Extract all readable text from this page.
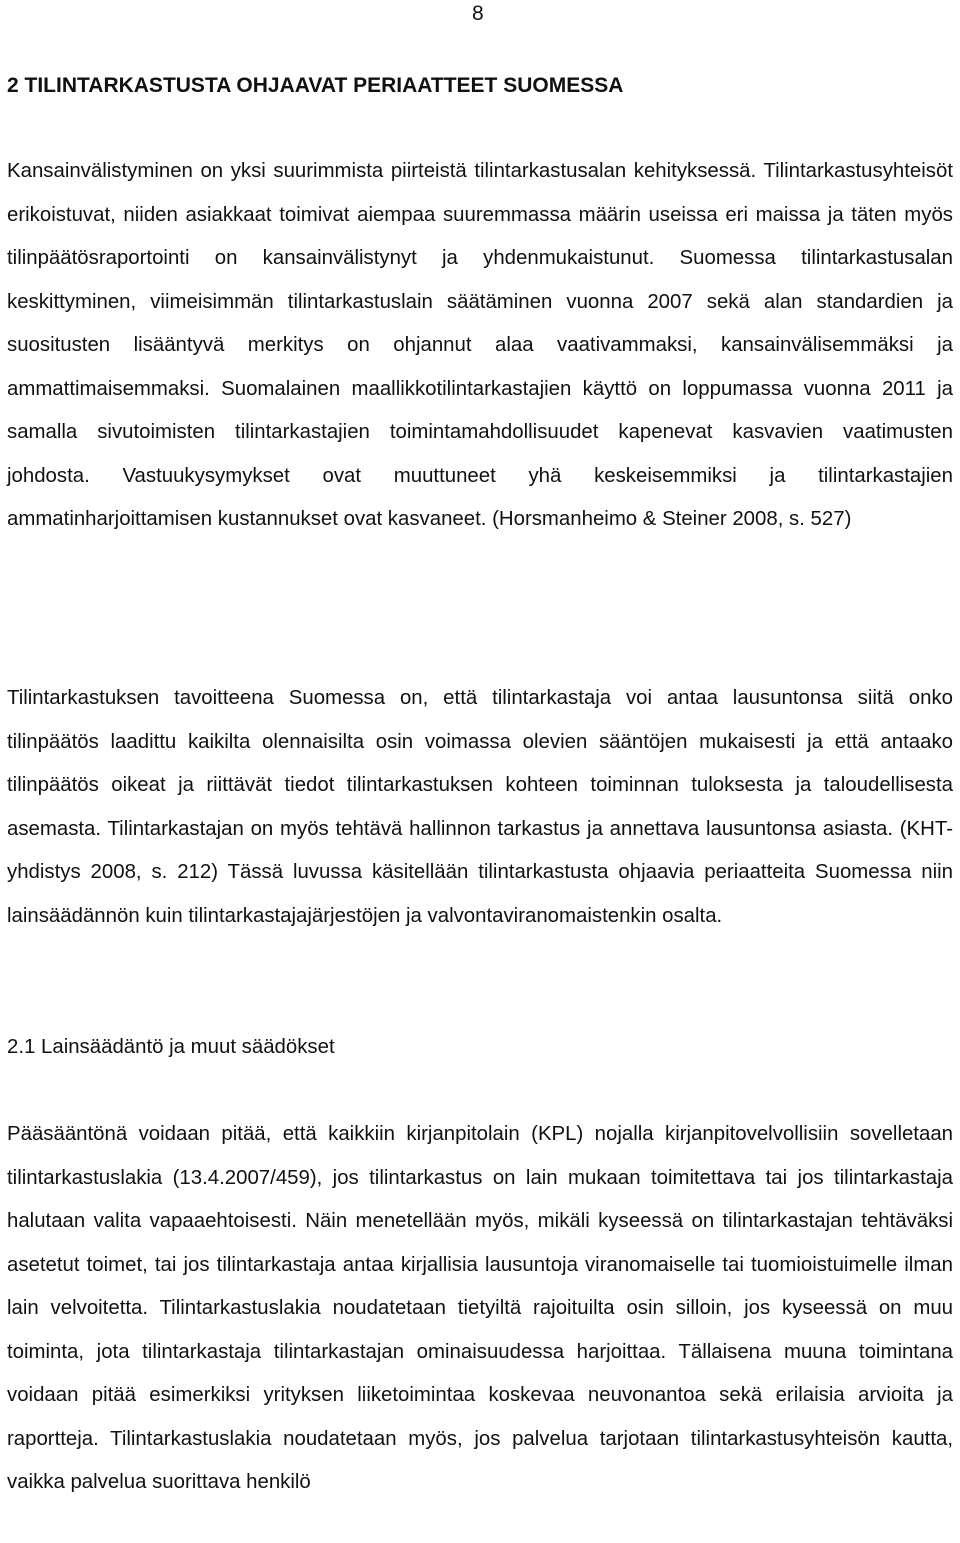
8
2 TILINTARKASTUSTA OHJAAVAT PERIAATTEET SUOMESSA

Kansainvälistyminen on yksi suurimmista piirteistä tilintarkastusalan kehityksessä. Tilintarkastusyhteisöt erikoistuvat, niiden asiakkaat toimivat aiempaa suuremmassa määrin useissa eri maissa ja täten myös tilinpäätösraportointi on kansainvälistynyt ja yhdenmukaistunut. Suomessa tilintarkastusalan keskittyminen, viimeisimmän tilintarkastuslain säätäminen vuonna 2007 sekä alan standardien ja suositusten lisääntyvä merkitys on ohjannut alaa vaativammaksi, kansainvälisemmäksi ja ammattimaisemmaksi. Suomalainen maallikkotilintarkastajien käyttö on loppumassa vuonna 2011 ja samalla sivutoimisten tilintarkastajien toimintamahdollisuudet kapenevat kasvavien vaatimusten johdosta. Vastuukysymykset ovat muuttuneet yhä keskeisemmiksi ja tilintarkastajien ammatinharjoittamisen kustannukset ovat kasvaneet. (Horsmanheimo & Steiner 2008, s. 527)

Tilintarkastuksen tavoitteena Suomessa on, että tilintarkastaja voi antaa lausuntonsa siitä onko tilinpäätös laadittu kaikilta olennaisilta osin voimassa olevien sääntöjen mukaisesti ja että antaako tilinpäätös oikeat ja riittävät tiedot tilintarkastuksen kohteen toiminnan tuloksesta ja taloudellisesta asemasta. Tilintarkastajan on myös tehtävä hallinnon tarkastus ja annettava lausuntonsa asiasta. (KHT-yhdistys 2008, s. 212) Tässä luvussa käsitellään tilintarkastusta ohjaavia periaatteita Suomessa niin lainsäädännön kuin tilintarkastajajärjestöjen ja valvontaviranomaistenkin osalta.

2.1 Lainsäädäntö ja muut säädökset

Pääsääntönä voidaan pitää, että kaikkiin kirjanpitolain (KPL) nojalla kirjanpitovelvollisiin sovelletaan tilintarkastuslakia (13.4.2007/459), jos tilintarkastus on lain mukaan toimitettava tai jos tilintarkastaja halutaan valita vapaaehtoisesti. Näin menetellään myös, mikäli kyseessä on tilintarkastajan tehtäväksi asetetut toimet, tai jos tilintarkastaja antaa kirjallisia lausuntoja viranomaiselle tai tuomioistuimelle ilman lain velvoitetta. Tilintarkastuslakia noudatetaan tietyiltä rajoituilta osin silloin, jos kyseessä on muu toiminta, jota tilintarkastaja tilintarkastajan ominaisuudessa harjoittaa. Tällaisena muuna toimintana voidaan pitää esimerkiksi yrityksen liiketoimintaa koskevaa neuvonantoa sekä erilaisia arvioita ja raportteja. Tilintarkastuslakia noudatetaan myös, jos palvelua tarjotaan tilintarkastusyhteisön kautta, vaikka palvelua suorittava henkilö
